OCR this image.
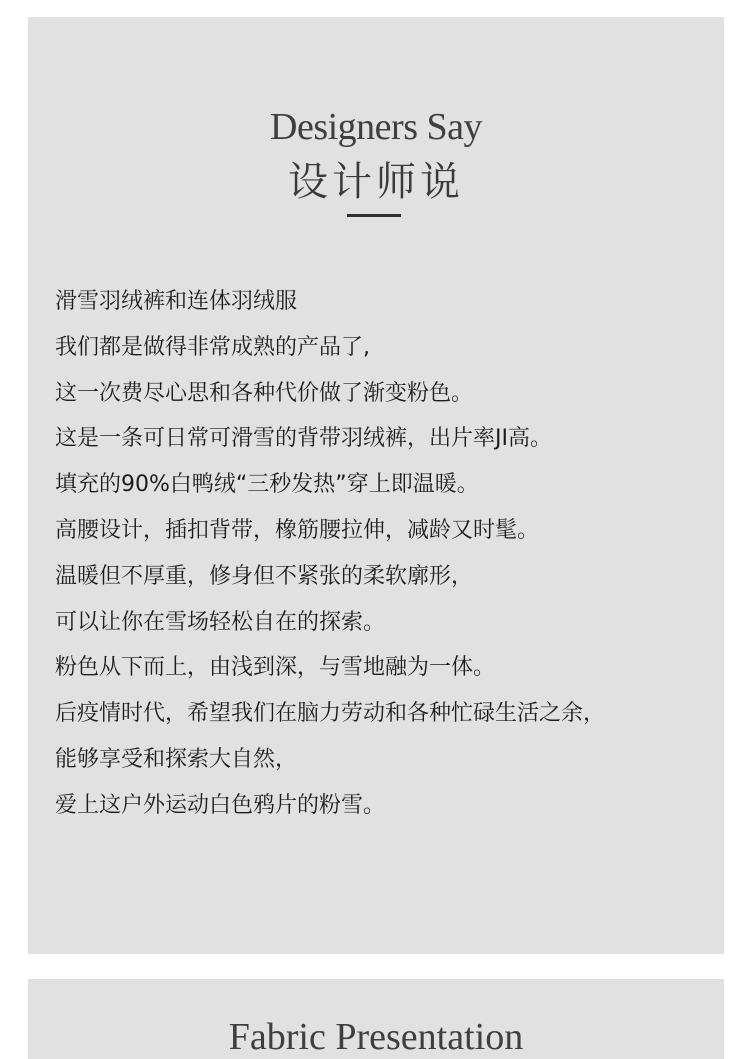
Designers Say
设计师说
滑雪羽绒裤和连体羽绒服
我们都是做得非常成熟的产品了,
这一次费尽心思和各种代价做了渐变粉色。
这是一条可日常可滑雪的背带羽绒裤，出片率JI高。
填充的90%白鸭绒“三秒发热”穿上即温暖。
高腰设计，插扣背带，橡筋腰拉伸，减龄又时髦。
温暖但不厚重，修身但不紧张的柔软廓形，
可以让你在雪场轻松自在的探索。
粉色从下而上，由浅到深，与雪地融为一体。
后疫情时代，希望我们在脑力劳动和各种忙碌生活之余，
能够享受和探索大自然，
爱上这户外运动白色鸦片的粉雪。
Fabric Presentation
